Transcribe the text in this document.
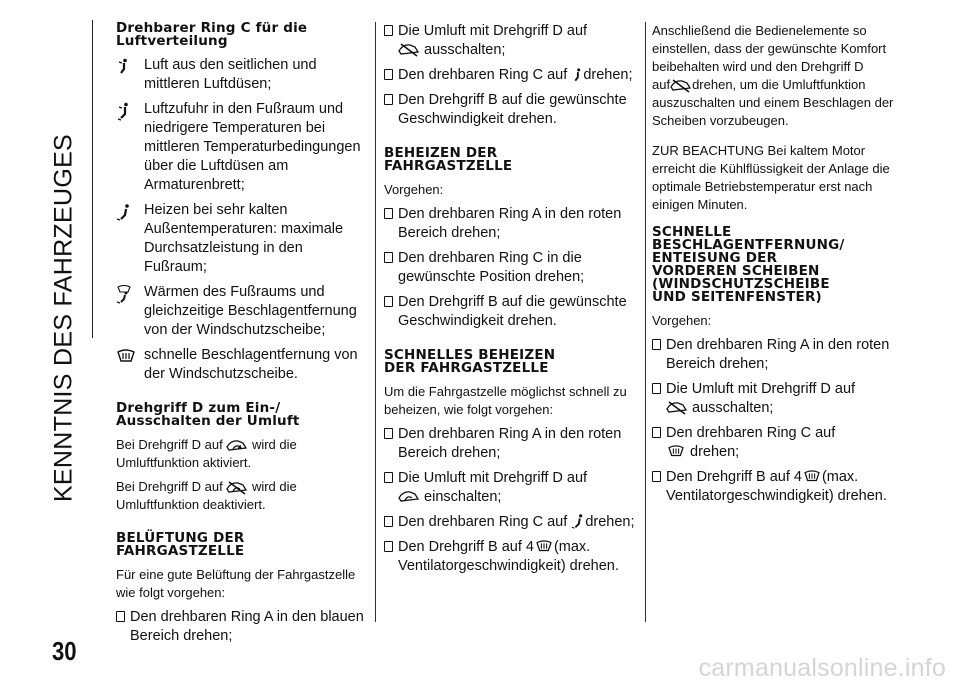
KENNTNIS DES FAHRZEUGES
30
carmanualsonline.info
Drehbarer Ring C für die
Luftverteilung
Luft aus den seitlichen und
mittleren Luftdüsen;
Luftzufuhr in den Fußraum und
niedrigere Temperaturen bei
mittleren Temperaturbedingungen
über die Luftdüsen am
Armaturenbrett;
Heizen bei sehr kalten
Außentemperaturen: maximale
Durchsatzleistung in den Fußraum;
Wärmen des Fußraums und
gleichzeitige Beschlagentfernung
von der Windschutzscheibe;
schnelle Beschlagentfernung von
der Windschutzscheibe.
Drehgriff D zum Ein-/
Ausschalten der Umluft

Bei Drehgriff D auf wird die
Umluftfunktion aktiviert.

Bei Drehgriff D auf wird die
Umluftfunktion deaktiviert.

BELÜFTUNG DER
FAHRGASTZELLE

Für eine gute Belüftung der Fahrgastzelle
wie folgt vorgehen:

Den drehbaren Ring A in den blauen
Bereich drehen;
Die Umluft mit Drehgriff D auf
ausschalten;
Den drehbaren Ring C auf drehen;
Den Drehgriff B auf die gewünschte
Geschwindigkeit drehen.
BEHEIZEN DER
FAHRGASTZELLE

Vorgehen:

Den drehbaren Ring A in den roten
Bereich drehen;
Den drehbaren Ring C in die
gewünschte Position drehen;
Den Drehgriff B auf die gewünschte
Geschwindigkeit drehen.
SCHNELLES BEHEIZEN
DER FAHRGASTZELLE

Um die Fahrgastzelle möglichst schnell zu
beheizen, wie folgt vorgehen:

Den drehbaren Ring A in den roten
Bereich drehen;
Die Umluft mit Drehgriff D auf
einschalten;
Den drehbaren Ring C auf drehen;
Den Drehgriff B auf 4 (max.
Ventilatorgeschwindigkeit) drehen.

Anschließend die Bedienelemente so
einstellen, dass der gewünschte Komfort
beibehalten wird und den Drehgriff D
auf drehen, um die Umluftfunktion
auszuschalten und einem Beschlagen der
Scheiben vorzubeugen.

ZUR BEACHTUNG Bei kaltem Motor
erreicht die Kühlflüssigkeit der Anlage die
optimale Betriebstemperatur erst nach
einigen Minuten.

SCHNELLE
BESCHLAGENTFERNUNG/
ENTEISUNG DER
VORDEREN SCHEIBEN
(WINDSCHUTZSCHEIBE
UND SEITENFENSTER)

Vorgehen:

Den drehbaren Ring A in den roten
Bereich drehen;
Die Umluft mit Drehgriff D auf
ausschalten;
Den drehbaren Ring C auf
drehen;
Den Drehgriff B auf 4 (max.
Ventilatorgeschwindigkeit) drehen.
